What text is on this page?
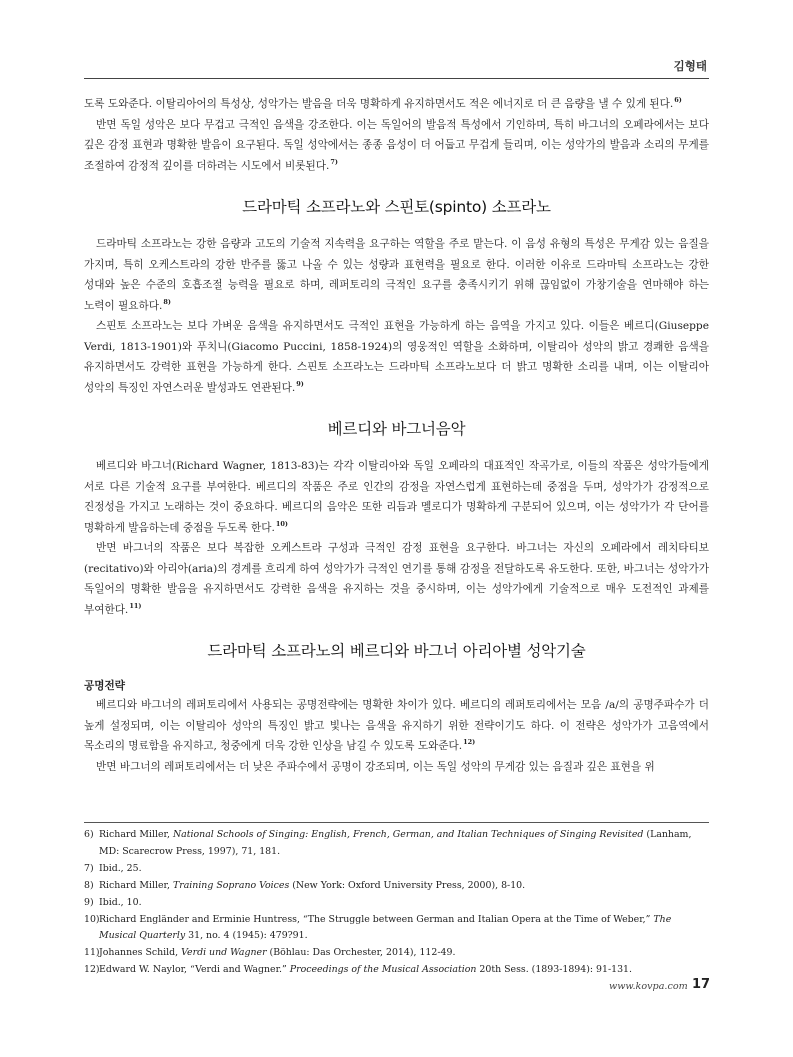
김형태

도록 도와준다. 이탈리아어의 특성상, 성악가는 발음을 더욱 명확하게 유지하면서도 적은 에너지로 더 큰 음량을 낼 수 있게 된다.$^{6)}$

반면 독일 성악은 보다 무겁고 극적인 음색을 강조한다. 이는 독일어의 발음적 특성에서 기인하며, 특히 바그너의 오페라에서는 보다 깊은 감정 표현과 명확한 발음이 요구된다. 독일 성악에서는 종종 음성이 더 어둡고 무겁게 들리며, 이는 성악가의 발음과 소리의 무게를 조절하여 감정적 깊이를 더하려는 시도에서 비롯된다.$^{7)}$

드라마틱 소프라노와 스핀토(spinto) 소프라노

드라마틱 소프라노는 강한 음량과 고도의 기술적 지속력을 요구하는 역할을 주로 맡는다. 이 음성 유형의 특성은 무게감 있는 음질을 가지며, 특히 오케스트라의 강한 반주를 뚫고 나올 수 있는 성량과 표현력을 필요로 한다. 이러한 이유로 드라마틱 소프라노는 강한 성대와 높은 수준의 호흡조절 능력을 필요로 하며, 레퍼토리의 극적인 요구를 충족시키기 위해 끊임없이 가창기술을 연마해야 하는 노력이 필요하다.$^{8)}$

스핀토 소프라노는 보다 가벼운 음색을 유지하면서도 극적인 표현을 가능하게 하는 음역을 가지고 있다. 이들은 베르디(Giuseppe Verdi, 1813-1901)와 푸치니(Giacomo Puccini, 1858-1924)의 영웅적인 역할을 소화하며, 이탈리아 성악의 밝고 경쾌한 음색을 유지하면서도 강력한 표현을 가능하게 한다. 스핀토 소프라노는 드라마틱 소프라노보다 더 밝고 명확한 소리를 내며, 이는 이탈리아 성악의 특징인 자연스러운 발성과도 연관된다.$^{9)}$

베르디와 바그너음악

베르디와 바그너(Richard Wagner, 1813-83)는 각각 이탈리아와 독일 오페라의 대표적인 작곡가로, 이들의 작품은 성악가들에게 서로 다른 기술적 요구를 부여한다. 베르디의 작품은 주로 인간의 감정을 자연스럽게 표현하는데 중점을 두며, 성악가가 감정적으로 진정성을 가지고 노래하는 것이 중요하다. 베르디의 음악은 또한 리듬과 멜로디가 명확하게 구분되어 있으며, 이는 성악가가 각 단어를 명확하게 발음하는데 중점을 두도록 한다.$^{10)}$

반면 바그너의 작품은 보다 복잡한 오케스트라 구성과 극적인 감정 표현을 요구한다. 바그너는 자신의 오페라에서 레치타티보(recitativo)와 아리아(aria)의 경계를 흐리게 하여 성악가가 극적인 연기를 통해 감정을 전달하도록 유도한다. 또한, 바그너는 성악가가 독일어의 명확한 발음을 유지하면서도 강력한 음색을 유지하는 것을 중시하며, 이는 성악가에게 기술적으로 매우 도전적인 과제를 부여한다.$^{11)}$

드라마틱 소프라노의 베르디와 바그너 아리아별 성악기술
공명전략

베르디와 바그너의 레퍼토리에서 사용되는 공명전략에는 명확한 차이가 있다. 베르디의 레퍼토리에서는 모음 /a/의 공명주파수가 더 높게 설정되며, 이는 이탈리아 성악의 특징인 밝고 빛나는 음색을 유지하기 위한 전략이기도 하다. 이 전략은 성악가가 고음역에서 목소리의 명료함을 유지하고, 청중에게 더욱 강한 인상을 남길 수 있도록 도와준다.$^{12)}$

반면 바그너의 레퍼토리에서는 더 낮은 주파수에서 공명이 강조되며, 이는 독일 성악의 무게감 있는 음질과 깊은 표현을 위

6) Richard Miller, National Schools of Singing: English, French, German, and Italian Techniques of Singing Revisited (Lanham, MD: Scarecrow Press, 1997), 71, 181.
7) Ibid., 25.
8) Richard Miller, Training Soprano Voices (New York: Oxford University Press, 2000), 8-10.
9) Ibid., 10.
10) Richard Engländer and Erminie Huntress, “The Struggle between German and Italian Opera at the Time of Weber,” The Musical Quarterly 31, no. 4 (1945): 479?91.
11) Johannes Schild, Verdi und Wagner (Böhlau: Das Orchester, 2014), 112-49.
12) Edward W. Naylor, “Verdi and Wagner.” Proceedings of the Musical Association 20th Sess. (1893-1894): 91-131.
www.kovpa.com 17
